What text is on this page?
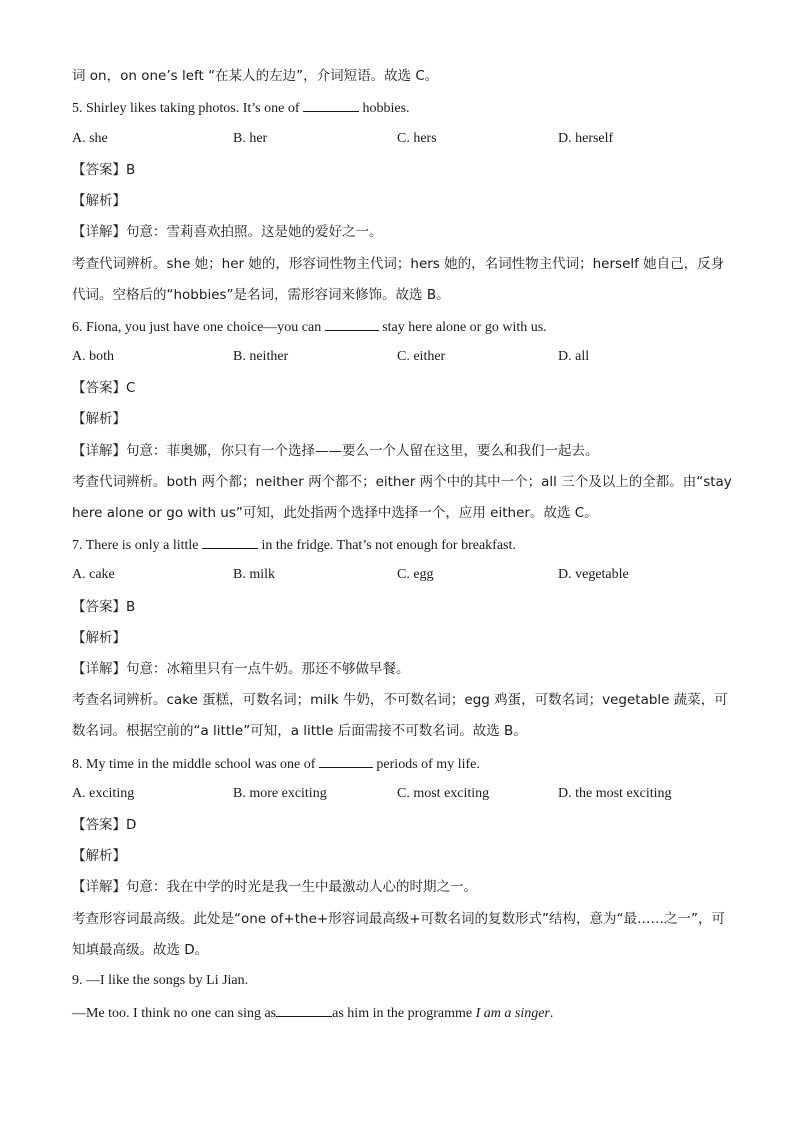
词 on，on one’s left “在某人的左边”，介词短语。故选 C。
5. Shirley likes taking photos. It’s one of	hobbies.
A. she	B. her	C. hers	D. herself
【答案】B
【解析】
【详解】句意：雪莉喜欢拍照。这是她的爱好之一。
考查代词辨析。she 她；her 她的，形容词性物主代词；hers 她的，名词性物主代词；herself 她自己，反身
代词。空格后的“hobbies”是名词，需形容词来修饰。故选 B。
6. Fiona, you just have one choice—you can	stay here alone or go with us.
A. both	B. neither	C. either	D. all
【答案】C
【解析】
【详解】句意：菲奥娜，你只有一个选择——要么一个人留在这里，要么和我们一起去。
考查代词辨析。both 两个都；neither 两个都不；either 两个中的其中一个；all 三个及以上的全都。由“stay
here alone or go with us”可知，此处指两个选择中选择一个，应用 either。故选 C。
7. There is only a little	in the fridge. That’s not enough for breakfast.
A. cake	B. milk	C. egg	D. vegetable
【答案】B
【解析】
【详解】句意：冰箱里只有一点牛奶。那还不够做早餐。
考查名词辨析。cake 蛋糕，可数名词；milk 牛奶，不可数名词；egg 鸡蛋，可数名词；vegetable 蔬菜，可
数名词。根据空前的“a little”可知，a little 后面需接不可数名词。故选 B。
8. My time in the middle school was one of	periods of my life.
A. exciting	B. more exciting	C. most exciting	D. the most exciting
【答案】D
【解析】
【详解】句意：我在中学的时光是我一生中最激动人心的时期之一。
考查形容词最高级。此处是“one of+the+形容词最高级+可数名词的复数形式”结构，意为“最……之一”，可
知填最高级。故选 D。
9. —I like the songs by Li Jian.
—Me too. I think no one can sing as	as him in the programme I am a singer.
